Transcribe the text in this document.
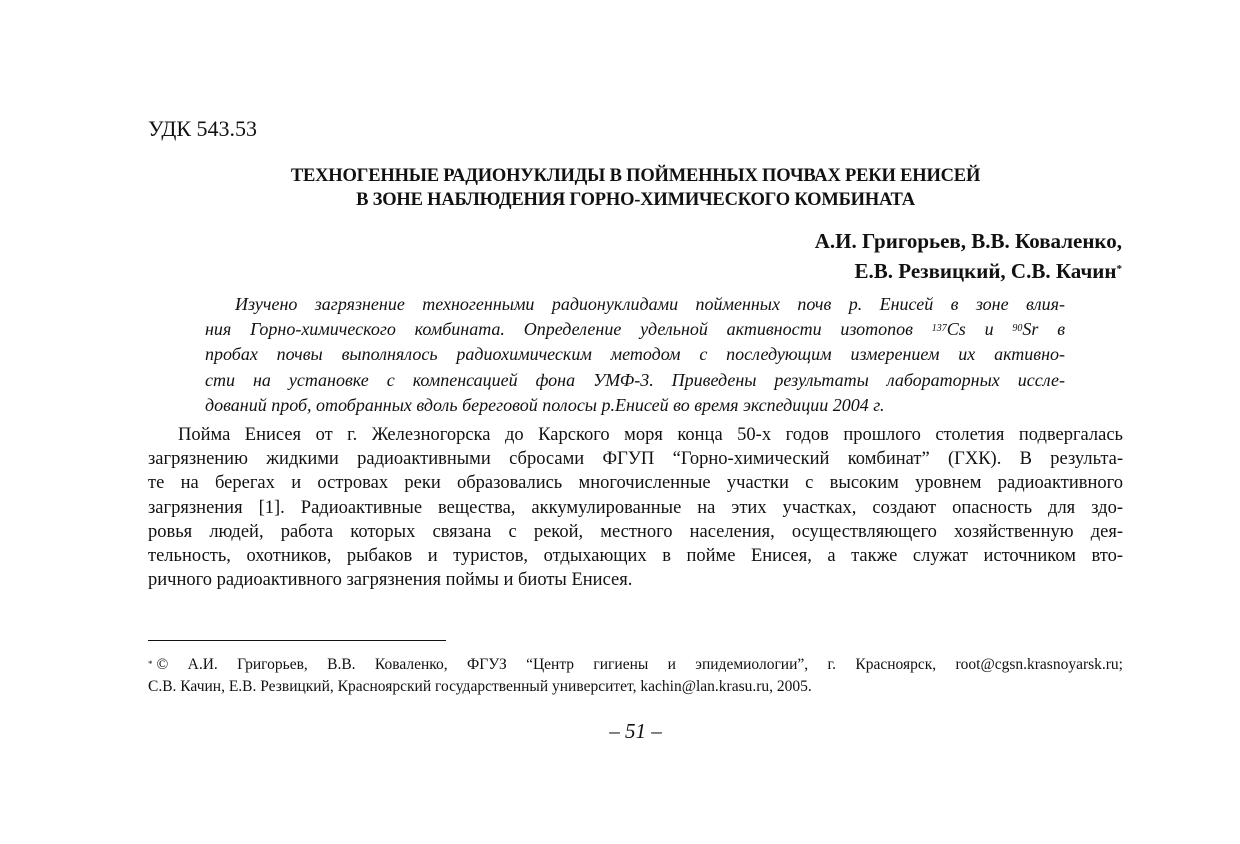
УДК 543.53
ТЕХНОГЕННЫЕ РАДИОНУКЛИДЫ В ПОЙМЕННЫХ ПОЧВАХ РЕКИ ЕНИСЕЙ
В ЗОНЕ НАБЛЮДЕНИЯ ГОРНО-ХИМИЧЕСКОГО КОМБИНАТА
А.И. Григорьев, В.В. Коваленко,
Е.В. Резвицкий, С.В. Качин*
Изучено загрязнение техногенными радионуклидами пойменных почв р. Енисей в зоне влия-
ния Горно-химического комбината. Определение удельной активности изотопов $^{137}$Cs и $^{90}$Sr в
пробах почвы выполнялось радиохимическим методом с последующим измерением их активно-
сти на установке с компенсацией фона УМФ-3. Приведены результаты лабораторных иссле-
дований проб, отобранных вдоль береговой полосы р.Енисей во время экспедиции 2004 г.
Пойма Енисея от г. Железногорска до Карского моря конца 50-х годов прошлого столетия подвергалась
загрязнению жидкими радиоактивными сбросами ФГУП “Горно-химический комбинат” (ГХК). В результа-
те на берегах и островах реки образовались многочисленные участки с высоким уровнем радиоактивного
загрязнения [1]. Радиоактивные вещества, аккумулированные на этих участках, создают опасность для здо-
ровья людей, работа которых связана с рекой, местного населения, осуществляющего хозяйственную дея-
тельность, охотников, рыбаков и туристов, отдыхающих в пойме Енисея, а также служат источником вто-
ричного радиоактивного загрязнения поймы и биоты Енисея.
* © А.И. Григорьев, В.В. Коваленко, ФГУЗ “Центр гигиены и эпидемиологии”, г. Красноярск, root@cgsn.krasnoyarsk.ru;
С.В. Качин, Е.В. Резвицкий, Красноярский государственный университет, kachin@lan.krasu.ru, 2005.
– 51 –
